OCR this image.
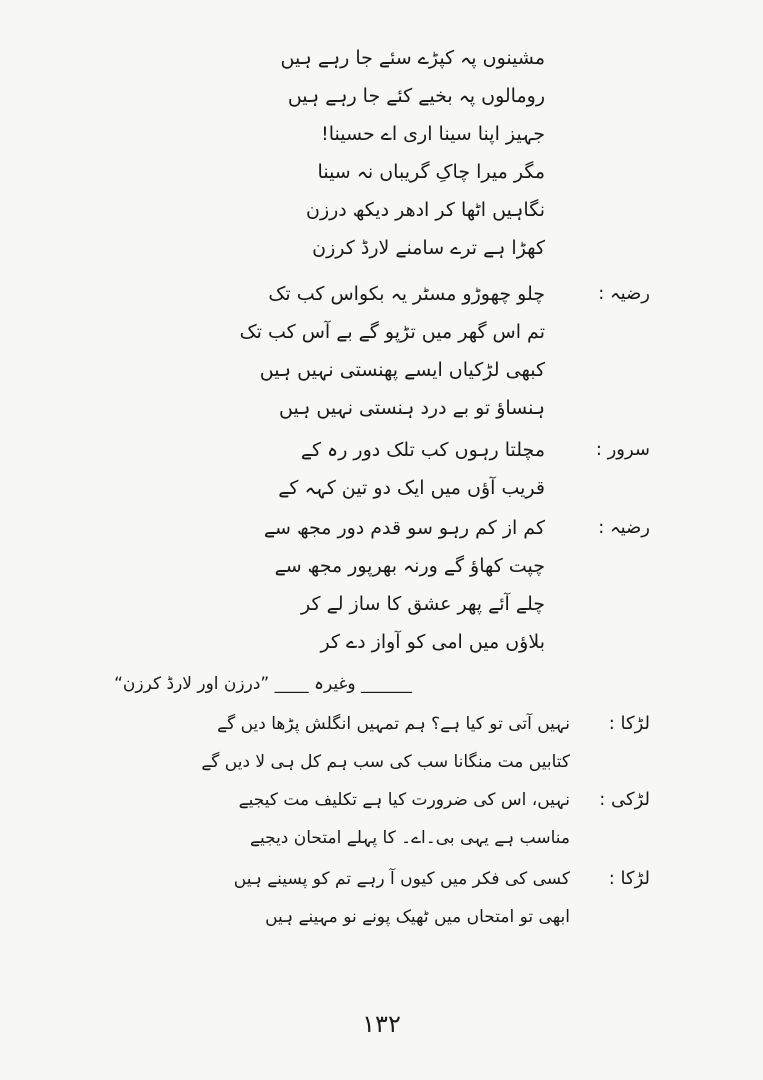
مشینوں پہ کپڑے سئے جا رہے ہیں
رومالوں پہ بخیے کئے جا رہے ہیں
جہیز اپنا سینا اری اے حسینا!
مگر میرا چاکِ گریباں نہ سینا
نگاہیں اٹھا کر ادھر دیکھ درزن
کھڑا ہے ترے سامنے لارڈ کرزن
رضیہ :
چلو چھوڑو مسٹر یہ بکواس کب تک
تم اس گھر میں تڑپو گے بے آس کب تک
کبھی لڑکیاں ایسے پھنستی نہیں ہیں
ہنساؤ تو بے درد ہنستی نہیں ہیں
سرور :
مچلتا رہوں کب تلک دور رہ کے
قریب آؤں میں ایک دو تین کہہ کے
رضیہ :
کم از کم رہو سو قدم دور مجھ سے
چپت کھاؤ گے ورنہ بھرپور مجھ سے
چلے آئے پھر عشق کا ساز لے کر
بلاؤں میں امی کو آواز دے کر
______ وغیرہ ____ ”درزن اور لارڈ کرزن“
لڑکا :
نہیں آتی تو کیا ہے؟ ہم تمہیں انگلش پڑھا دیں گے
کتابیں مت منگانا سب کی سب ہم کل ہی لا دیں گے
لڑکی :
نہیں، اس کی ضرورت کیا ہے تکلیف مت کیجیے
مناسب ہے یہی بی۔اے۔ کا پہلے امتحان دیجیے
لڑکا :
کسی کی فکر میں کیوں آ رہے تم کو پسینے ہیں
ابھی تو امتحاں میں ٹھیک پونے نو مہینے ہیں
۱۳۲
